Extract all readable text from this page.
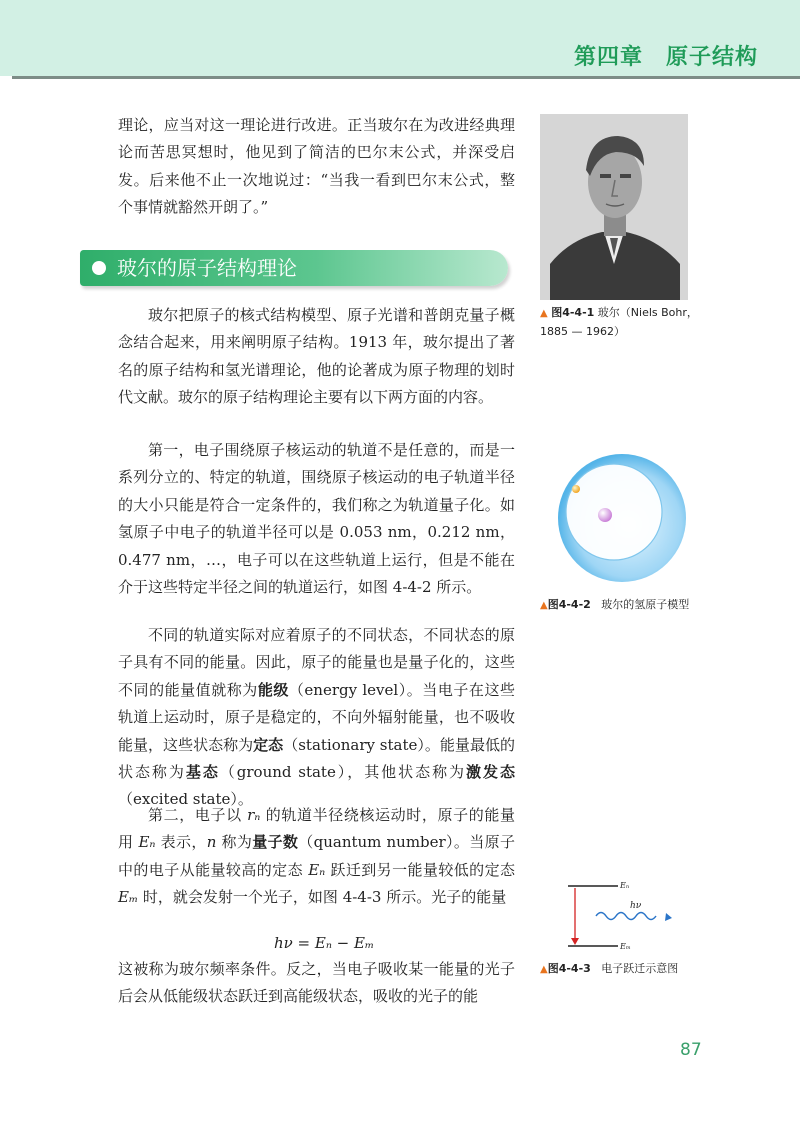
第四章　原子结构

理论，应当对这一理论进行改进。正当玻尔在为改进经典理论而苦思冥想时，他见到了简洁的巴尔末公式，并深受启发。后来他不止一次地说过：“当我一看到巴尔末公式，整个事情就豁然开朗了。”

玻尔的原子结构理论

玻尔把原子的核式结构模型、原子光谱和普朗克量子概念结合起来，用来阐明原子结构。1913 年，玻尔提出了著名的原子结构和氢光谱理论，他的论著成为原子物理的划时代文献。玻尔的原子结构理论主要有以下两方面的内容。

第一，电子围绕原子核运动的轨道不是任意的，而是一系列分立的、特定的轨道，围绕原子核运动的电子轨道半径的大小只能是符合一定条件的，我们称之为轨道量子化。如氢原子中电子的轨道半径可以是 0.053 nm，0.212 nm，0.477 nm，…，电子可以在这些轨道上运行，但是不能在介于这些特定半径之间的轨道运行，如图 4-4-2 所示。

不同的轨道实际对应着原子的不同状态，不同状态的原子具有不同的能量。因此，原子的能量也是量子化的，这些不同的能量值就称为能级（energy level）。当电子在这些轨道上运动时，原子是稳定的，不向外辐射能量，也不吸收能量，这些状态称为定态（stationary state）。能量最低的状态称为基态（ground state），其他状态称为激发态（excited state）。

第二，电子以 rₙ 的轨道半径绕核运动时，原子的能量用 Eₙ 表示，n 称为量子数（quantum number）。当原子中的电子从能量较高的定态 Eₙ 跃迁到另一能量较低的定态 Eₘ 时，就会发射一个光子，如图 4-4-3 所示。光子的能量

hν = Eₙ − Eₘ

这被称为玻尔频率条件。反之，当电子吸收某一能量的光子后会从低能级状态跃迁到高能级状态，吸收的光子的能

▲ 图4-4-1 玻尔（Niels Bohr，
1885 — 1962）
▲图4-4-2 玻尔的氢原子模型
Eₙ
Eₘ
hν
▲图4-4-3 电子跃迁示意图
87
